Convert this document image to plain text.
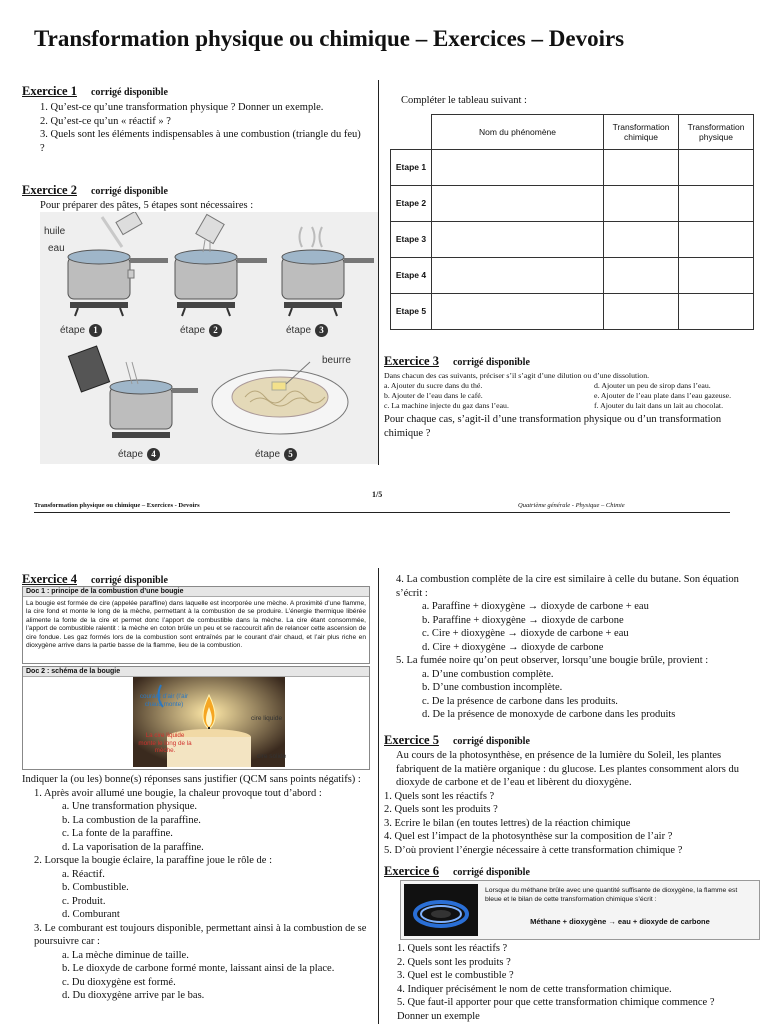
Transformation physique ou chimique – Exercices – Devoirs
Exercice 1 corrigé disponible
1. Qu’est-ce qu’une transformation physique ? Donner un exemple.
2. Qu’est-ce qu’un « réactif » ?
3. Quels sont les éléments indispensables à une combustion (triangle du feu) ?
Exercice 2 corrigé disponible
Pour préparer des pâtes, 5 étapes sont nécessaires :
huile
eau
beurre
étape 1	étape 2	étape 3
étape 4	étape 5
Compléter le tableau suivant :
	Nom du phénomène	Transformation chimique	Transformation physique
Etape 1			
Etape 2			
Etape 3			
Etape 4			
Etape 5			
Exercice 3 corrigé disponible
Dans chacun des cas suivants, préciser s’il s’agit d’une dilution ou d’une dissolution.
a. Ajouter du sucre dans du thé.
b. Ajouter de l’eau dans le café.
c. La machine injecte du gaz dans l’eau.
d. Ajouter un peu de sirop dans l’eau.
e. Ajouter de l’eau plate dans l’eau gazeuse.
f. Ajouter du lait dans un lait au chocolat.
Pour chaque cas, s’agit-il d’une transformation physique ou d’un transformation chimique ?
1/5
Transformation physique ou chimique – Exercices - Devoirs	Quatrième générale - Physique – Chimie
Exercice 4 corrigé disponible
Doc 1 : principe de la combustion d’une bougie
La bougie est formée de cire (appelée paraffine) dans laquelle est incorporée une mèche. A proximité d’une flamme, la cire fond et monte le long de la mèche, permettant à la combustion de se produire. L’énergie thermique libérée alimente la fonte de la cire et permet donc l’apport de combustible dans la mèche. La cire étant consommée, l’apport de combustible ralentit : la mèche en coton brûle un peu et se raccourcit afin de relancer cette ascension de cire fondue. Les gaz formés lors de la combustion sont entraînés par le courant d’air chaud, et l’air plus riche en dioxygène arrive dans la partie basse de la flamme, lieu de la combustion.
Doc 2 : schéma de la bougie
courant d’air (l’air chaud monte)
La cire liquide monte le long de la mèche.
cire liquide
cire solide
Indiquer la (ou les) bonne(s) réponses sans justifier (QCM sans points négatifs) :
1. Après avoir allumé une bougie, la chaleur provoque tout d’abord :
a. Une transformation physique.
b. La combustion de la paraffine.
c. La fonte de la paraffine.
d. La vaporisation de la paraffine.
2. Lorsque la bougie éclaire, la paraffine joue le rôle de :
a. Réactif.
b. Combustible.
c. Produit.
d. Comburant
3. Le comburant est toujours disponible, permettant ainsi à la combustion de se poursuivre car :
a. La mèche diminue de taille.
b. Le dioxyde de carbone formé monte, laissant ainsi de la place.
c. Du dioxygène est formé.
d. Du dioxygène arrive par le bas.
4. La combustion complète de la cire est similaire à celle du butane. Son équation s’écrit :
a. Paraffine + dioxygène → dioxyde de carbone + eau
b. Paraffine + dioxygène → dioxyde de carbone
c. Cire + dioxygène → dioxyde de carbone + eau
d. Cire + dioxygène → dioxyde de carbone
5. La fumée noire qu’on peut observer, lorsqu’une bougie brûle, provient :
a. D’une combustion complète.
b. D’une combustion incomplète.
c. De la présence de carbone dans les produits.
d. De la présence de monoxyde de carbone dans les produits
Exercice 5 corrigé disponible
Au cours de la photosynthèse, en présence de la lumière du Soleil, les plantes fabriquent de la matière organique : du glucose. Les plantes consomment alors du dioxyde de carbone et de l’eau et libèrent du dioxygène.
1. Quels sont les réactifs ?
2. Quels sont les produits ?
3. Ecrire le bilan (en toutes lettres) de la réaction chimique
4. Quel est l’impact de la photosynthèse sur la composition de l’air ?
5. D’où provient l’énergie nécessaire à cette transformation chimique ?
Exercice 6 corrigé disponible
Lorsque du méthane brûle avec une quantité suffisante de dioxygène, la flamme est bleue et le bilan de cette transformation chimique s’écrit :
Méthane + dioxygène → eau + dioxyde de carbone
1. Quels sont les réactifs ?
2. Quels sont les produits ?
3. Quel est le combustible ?
4. Indiquer précisément le nom de cette transformation chimique.
5. Que faut-il apporter pour que cette transformation chimique commence ?
Donner un exemple
